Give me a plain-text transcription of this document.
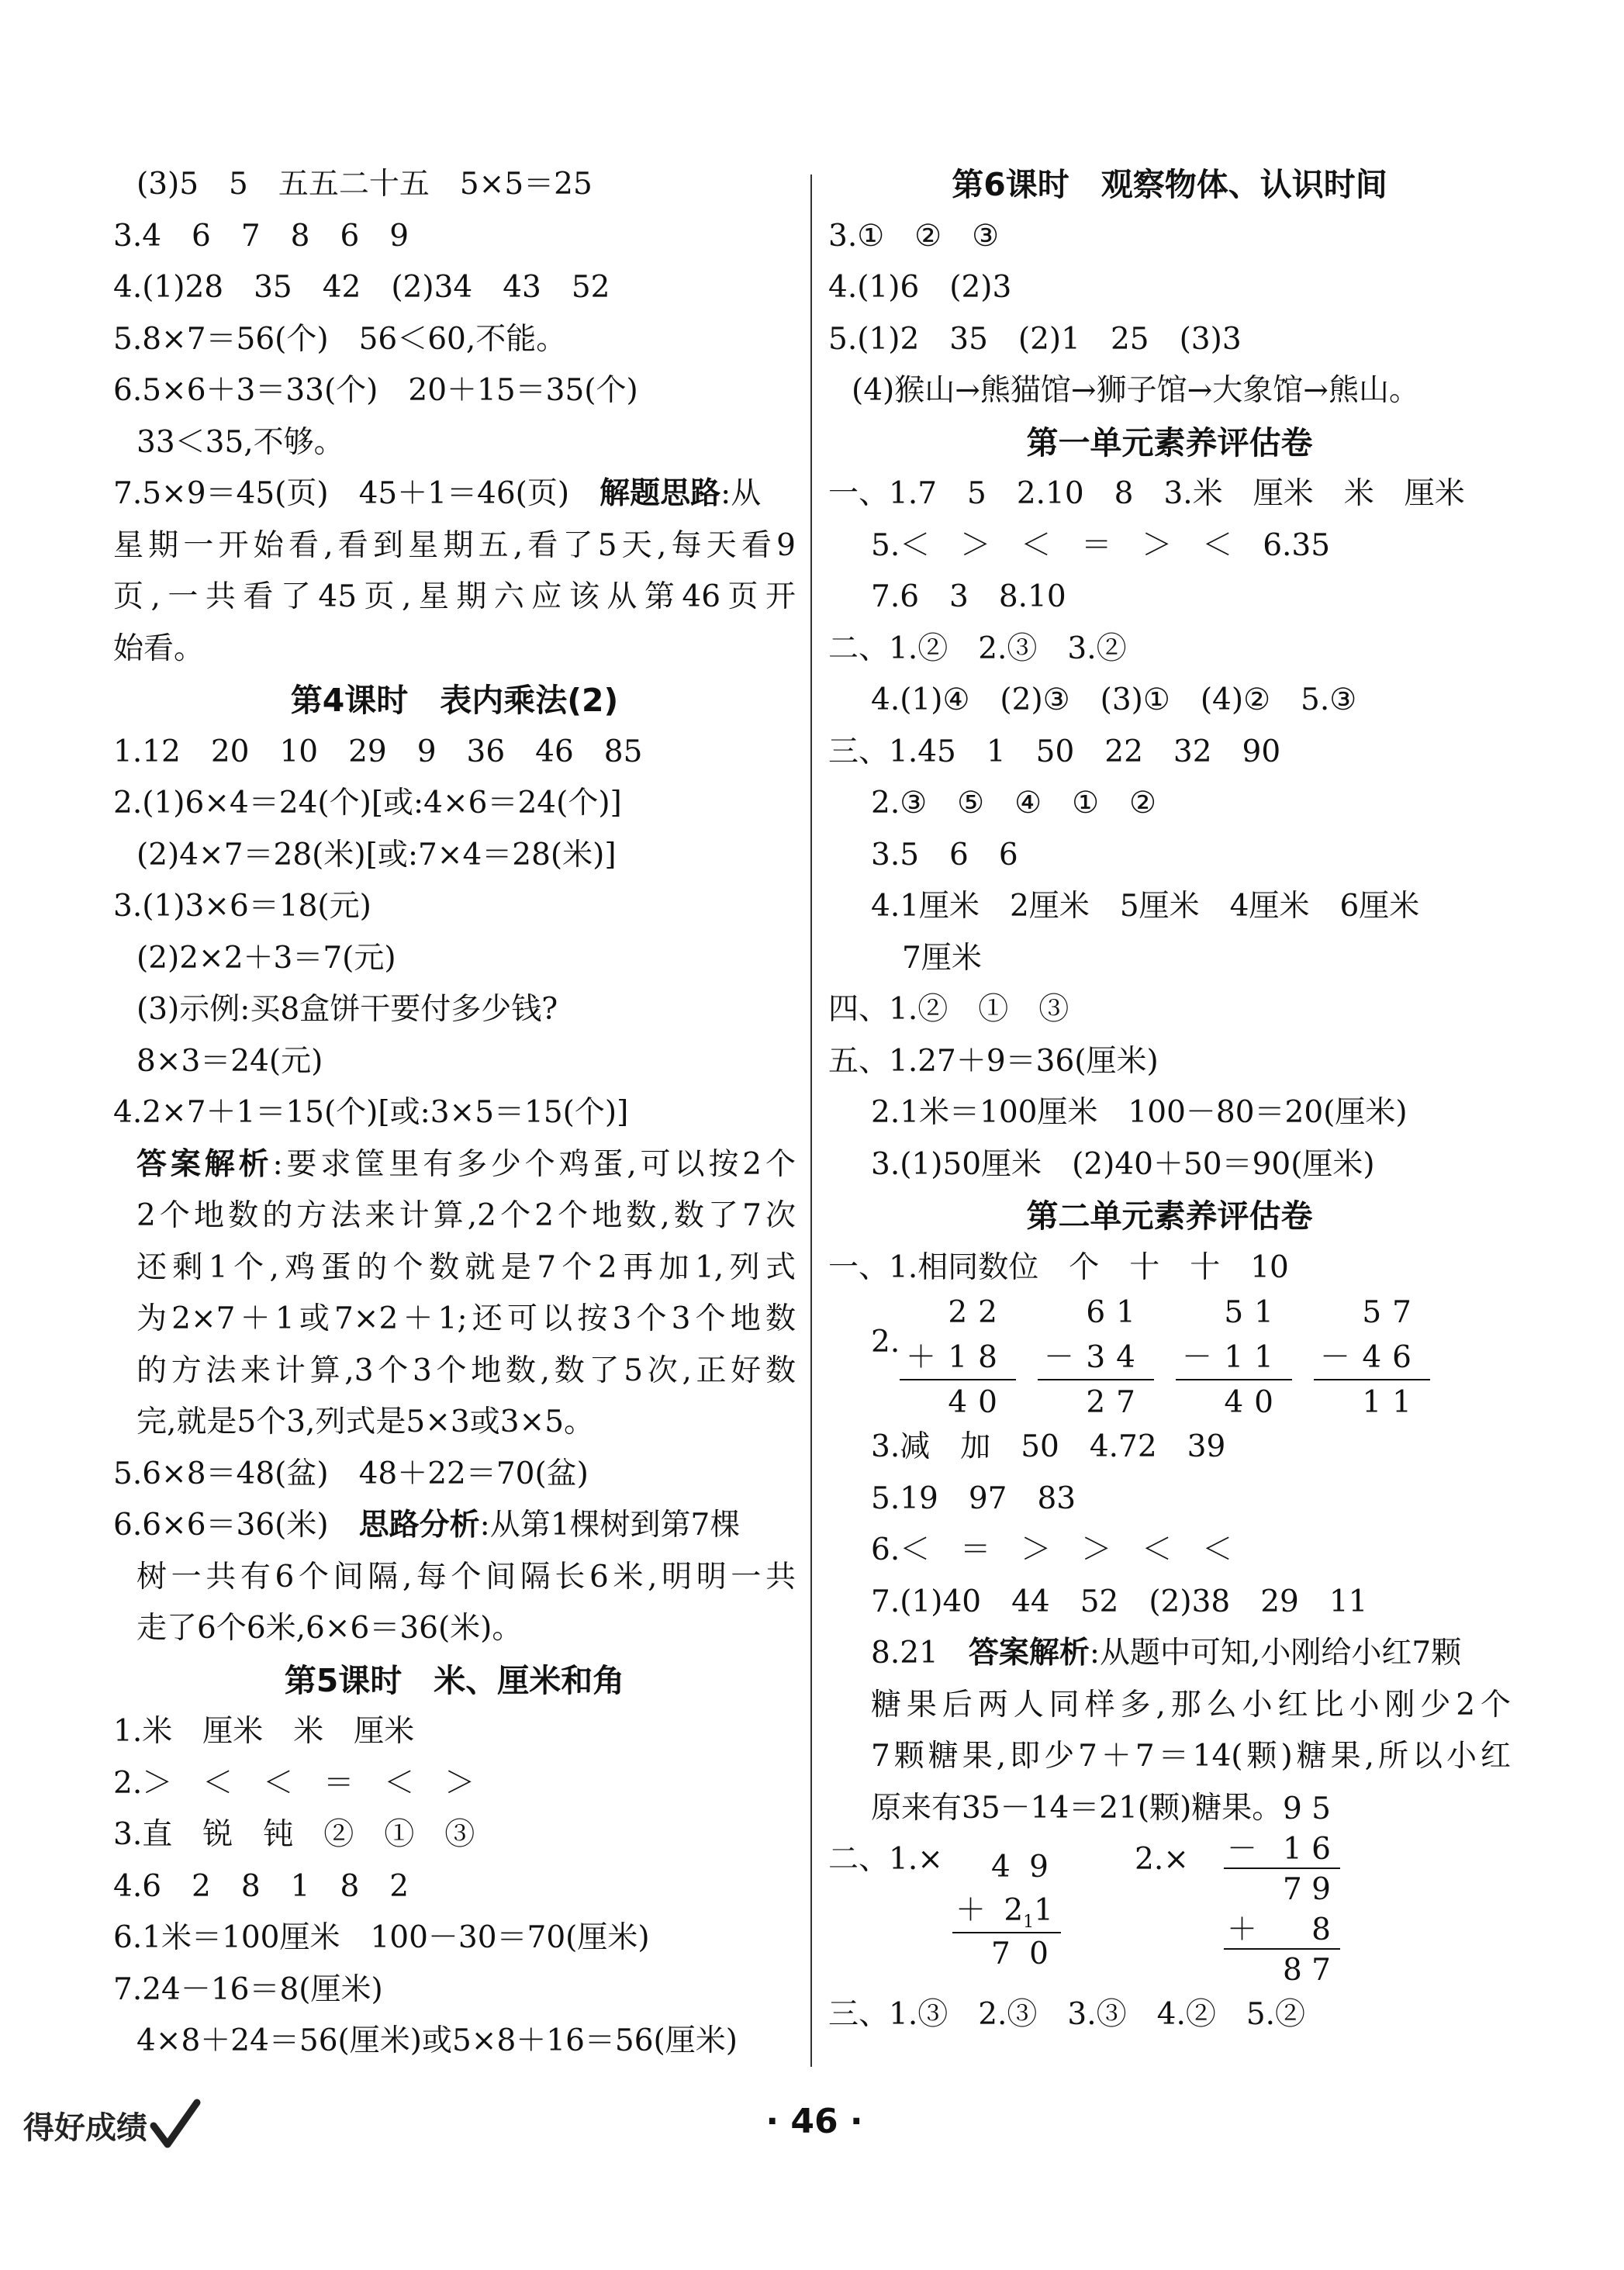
(3)5　5　五五二十五　5×5＝25
3.4　6　7　8　6　9
4.(1)28　35　42　(2)34　43　52
5.8×7＝56(个)　56＜60,不能。
6.5×6＋3＝33(个)　20＋15＝35(个)
33＜35,不够。
7.5×9＝45(页)　45＋1＝46(页)　解题思路:从
星期一开始看,看到星期五,看了5天,每天看9
页,一共看了45页,星期六应该从第46页开
始看。
第4课时　表内乘法(2)
1.12　20　10　29　9　36　46　85
2.(1)6×4＝24(个)[或:4×6＝24(个)]
(2)4×7＝28(米)[或:7×4＝28(米)]
3.(1)3×6＝18(元)
(2)2×2＋3＝7(元)
(3)示例:买8盒饼干要付多少钱?
8×3＝24(元)
4.2×7＋1＝15(个)[或:3×5＝15(个)]
答案解析:要求筐里有多少个鸡蛋,可以按2个
2个地数的方法来计算,2个2个地数,数了7次
还剩1个,鸡蛋的个数就是7个2再加1,列式
为2×7＋1或7×2＋1;还可以按3个3个地数
的方法来计算,3个3个地数,数了5次,正好数
完,就是5个3,列式是5×3或3×5。
5.6×8＝48(盆)　48＋22＝70(盆)
6.6×6＝36(米)　思路分析:从第1棵树到第7棵
树一共有6个间隔,每个间隔长6米,明明一共
走了6个6米,6×6＝36(米)。
第5课时　米、厘米和角
1.米　厘米　米　厘米
2.＞　＜　＜　＝　＜　＞
3.直　锐　钝　②　①　③
4.6　2　8　1　8　2
6.1米＝100厘米　100－30＝70(厘米)
7.24－16＝8(厘米)
4×8＋24＝56(厘米)或5×8＋16＝56(厘米)
第6课时　观察物体、认识时间
3.①　②　③
4.(1)6　(2)3
5.(1)2　35　(2)1　25　(3)3
(4)猴山→熊猫馆→狮子馆→大象馆→熊山。
第一单元素养评估卷
一、1.7　5　2.10　8　3.米　厘米　米　厘米
5.＜　＞　＜　＝　＞　＜　6.35
7.6　3　8.10
二、1.②　2.③　3.②
4.(1)④　(2)③　(3)①　(4)②　5.③
三、1.45　1　50　22　32　90
2.③　⑤　④　①　②
3.5　6　6
4.1厘米　2厘米　5厘米　4厘米　6厘米
7厘米
四、1.②　①　③
五、1.27＋9＝36(厘米)
2.1米＝100厘米　100－80＝20(厘米)
3.(1)50厘米　(2)40＋50＝90(厘米)
第二单元素养评估卷
一、1.相同数位　个　十　十　10
2.
22
＋ 18
40
61
－ 34
27
51
－ 11
40
57
－ 46
11
3.减　加　50　4.72　39
5.19　97　83
6.＜　＝　＞　＞　＜　＜
7.(1)40　44　52　(2)38　29　11
8.21　答案解析:从题中可知,小刚给小红7颗
糖果后两人同样多,那么小红比小刚少2个
7颗糖果,即少7＋7＝14(颗)糖果,所以小红
原来有35－14＝21(颗)糖果。
二、1.× 4 9
＋ $2_11$
7 0
2.×
9 5
－ 1 6
7 9
＋ 8
8 7
三、1.③　2.③　3.③　4.②　5.②
得好成绩	· 46 ·
